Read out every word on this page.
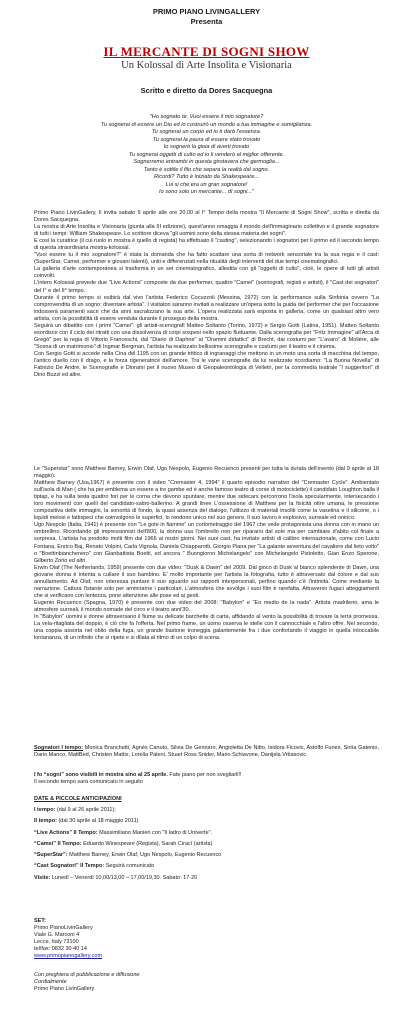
PRIMO PIANO LIVINGALLERY
Presenta
IL MERCANTE DI SOGNI SHOW
Un Kolossal di Arte Insolita e Visionaria
Scritto e diretto da Dores Sacquegna
"Ho sognato te. Vuoi essere il mio sognatore?
Tu sognerai di essere un Dio ed io costruirò un mondo a tua immagine e somiglianza.
Tu sognerai un corpo ed io ti darò l'essenza.
Tu sognerai la paura di essere stato trovato
Io sognerò la gioia di averti trovato
Tu sognerai oggetti di culto ed io li venderò al miglior offerente.
Sognerremo entrambi in questa girotavera che germoglia...
Tanto è sottile il filo che separa la realtà dal sogno.
Ricordi? Tutto è iniziato da Shakespeare...
Lui si che era un gran sognatore!
Io sono solo un mercante... di sogni..."

Primo Piano LivinGallery, lì invita sabato 9 aprile alle ore 20,00 al I° Tempo della mostra "Il Mercante di Sogni Show", scritta e diretta da Dores Sacquegna.

La mostra di Arte Insolita e Visionaria (giunta alla III edizione), quest'anno omaggia il mondo dell'immaginario collettivo e il grande sognatore di tutti i tempi: William Shakespeare. Lo scrittore diceva "gli uomini sono della stessa materia dei sogni".

E così la curatrice (il cui ruolo in mostra è quello di regista) ha effettuato il "casting", selezionando i sognatori per il primo ed il secondo tempo di questa straordinaria mostra-kolossal.

"Vuoi essere tu il mio sognatore?" è stata la domanda che ha fatto scattare una sorta di network sensoriale tra la sua regia e il cast: (SuperStar, Camei, performer e giovani talenti), uniti e differenziati nella ritualità degli interventi del due tempi cinematografici.

La galleria d'arte contemporanea si trasforma in un set cinematografico, allestita con gli "oggetti di culto", cioè, le opere di tutti gli artisti coinvolti.

L'intero Kolossal prevede due "Live Actions" composte da due performer, quattro "Camei" (scenografi, registi e artisti), il "Cast dei sognatori" del I° e del II° tempo.

Durante il primo tempo si esibirà dal vivo l'artista Federico Cocuzzoli (Messina, 1972) con la performance sulla Sinfonia ovvero "La comprovendita di un sogno: diventare artista". I visitatori saranno invitati a realizzare un'opera sotto la guida del performer che per l'occasione indosserà paramenti sacri che da anni sacralizzano la sua arte. L'opera realizzata sarà esposta in galleria, come un qualsiasi altro vero artista, con la possibilità di essere venduta durante il proseguo della mostra.

Seguirà un dibattito con i primi "Camei": gli artisti-scenografi Matteo Soltanto (Torino, 1972) e Sergio Gotti (Latina, 1951). Matteo Soltanto esordisce con il ciclo dei ritratti con una dissolvenza di corpi sospesi nello spazio fluttuante. Dalla scenografia per "Fritz Immagine" all'Arca di Gregò" per la regia di Vittorio Franceschi, dal "Diario di Daphne" al "Drammi didattici" di Brecht, dai costumi per "L'avaro" di Molière, alle "Scena di un matrimonio" di Ingmar Bergman, l'artista ha realizzato bellissime scenografie e costumi per il teatro e il cinema.

Con Sergio Gotti si accede nella Cina del 1195 con un grande trittico di ingranaggi che mettono in un moto una sorta di macchina del tempo, l'antico duello con il drago, e la forza rigeneratrice dell'amore. Tra le vane scenografie da lui realizzate ricordiamo: "La Buona Novella" di Fabrizio De André, le Scenografie e Diorami per il nuovo Museo di Geopaleontologia di Velletri, per la commedia teatrale "I suggeritori" di Dino Buzzi ed altre.

Le "Superstar" sono Matthew Barney, Erwin Olaf, Ugo Nespolo, Eugenio Recuenco presenti per tutta la durata dell'evento (dal 9 aprile al 18 maggio).

Matthew Barney (Usa,1967) è presente con il video "Cremaster 4, 1994" il quarto episodio narrativo del "Cremaster Cycle". Ambientato sull'isola di Man ( che ha per emblema un essere a tre gambe ed è anche famoso teatro di corse di motociclette) il candidato Loughton balla il tiptap, e ha sulla testa quattro fori per le corna che devono spuntare, mentre due sidecars percorrono l'isola specularmente, intersecando i loro movimenti con quelli del candidato-satiro-ballerino. A grandi linee L'ossessione di Matthew per la fisicità oltre umana, le pressione compositiva delle immagini, la sonorità di fondo, la quasi assenza del dialogo, l'utilizzo di materiali insoliti come la vaselina e il silicone, o i liquidi melosi e fattispeci che coinvolgono le superfici, lo rendono unico nel suo genere. Il suo lavoro è esplosivo, surreale ed onirico.

Ugo Nespolo (Italia, 1941) è presente con "Le gote in fiamme" un cortometraggio del 1967 che vede protagonista una donna con in mano un ombrellino. Ricordando gli impressionisti dell'800, la donna usa l'ombrello non per ripararsi dal sole ma per cambiare d'abito col finale a sorpresa. L'artista ha prodotto molti film dal 1966 ai nostri giorni. Nei suoi cast, ha invitato artisti di calibro internazionale, come con Lucio Fontana, Enrico Baj, Renato Volpini, Carla Vignola, Daniela Chiapparotti, Giorgio Piana per "La galante avventura del cavaliere dal lieto volto" o "Boettinbianchenero" con Gianbattista Boetti, ed ancora " Buongiorno Michelangelo" con Michelangelo Pistoletto, Gian Enzo Sperone, Gilberto Zorio ed altri.

Erwin Olaf (The Netherlands, 1959) presente con due video: "Dusk & Dawn" del 2009. Dal gioco di Dusk al bianco splendente di Dawn, una giovane donna è intenta a cullare il suo bambino. E' molto importante per l'artista la fotografia, tutto è attraversato dal colore e dal suo annullamento. Ad Olaf, non interessa puntare il suo sguardo sui rapporti interpersonali, perfino quando c'è l'intimità. Come mediante la narrazione. Cattura l'istante solo per ammirarne i particolari. L'atmosfera che avvolge i suoi film è rarefatta. Attraverso fugaci atteggiamenti che si verificano con lentezza, pone attenzione alle pose ed ai gesti.

Eugenio Recuenco (Spagna, 1970) è presente con due video del 2008: "Babylon" e "En medio de la nada". Artista madrileno, ama le atmosfere surreali, il mondo nomade del circo e il teatro anni'30.

In "Babylon" uomini e donne attraversano il fiume su delicate barchette di carta, affidando al vento la possibilità di trovare la terra promessa. La vela-ritagliata del doppio, è ciò che fa l'offerta. Nel primo frame, un uomo osserva le stelle con il cannocchiale e l'altro offre. Nel secondo, una coppia assorta nel oblio della fuga, un grande bastone troneggia galantemente fra i due confortando il viaggio in quella intoccabile lontananza, di un infinito che si ripete e si dilata al ritmo di un colpo di scena.

Sognatori I tempo: Monica Branchetti, Agnès Canuto, Silvia De Gennaro, Angioletta De Nitto, Isidora Ficovic, Astolfo Funes, Sirria Gatenio, Dario Manco, MattBed, Christen Mattix, Lorella Paleni, Stuart Ross Snider, Mario Schiavone, Danijela Vrbasovic.

I fo “sogni” sono visibili in mostra sino al 25 aprile. Fate piano per non svegliarli!!

Il secondo tempo sarà comunicato in seguito

DATE & PICCOLE ANTICIPAZIONI

I tempo: (dal 9 al 26 aprile 2011);

II tempo: (dal 30 aprile al 18 maggio 2011)

“Live Actions” II Tempo: Massimiliano Manieri con "Il ladro di Univerte".

“Camei” II Tempo: Eduardo Winespeare (Regista), Sarah Ciracì (artista)

“SuperStar”: Matthew Barney, Erwin Olaf, Ugo Nespolo, Eugenio Recuenco

“Cast Sognatori” II Tempo: Seguirà comunicato

Visite: Lunedì – Venerdì 10,00/13,00 – 17,00/19,30. Sabato: 17-20

SET:

Primo PianoLivinGallery

Viale G. Marconi 4

Lecce, Italy 73100

tel/fax: 0832 30 40 14

www.primopianogallery.com

Con preghiera di pubblicazione e diffusione

Cordialmente

Primo Piano LivinGallery
